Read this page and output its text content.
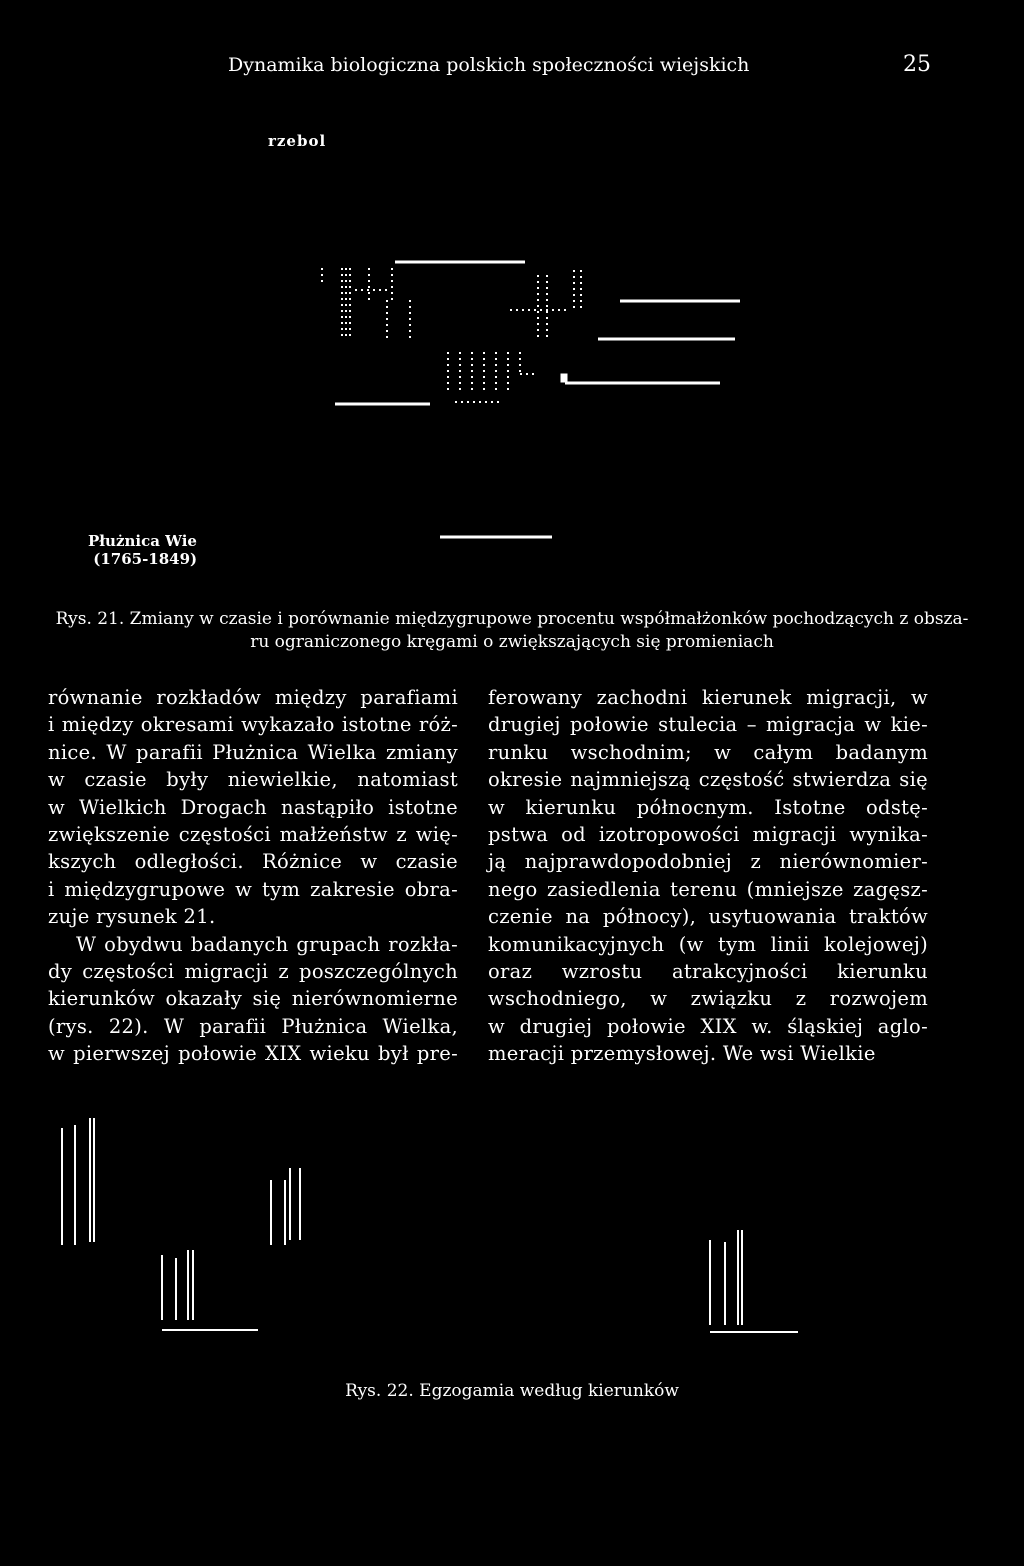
Dynamika biologiczna polskich społeczności wiejskich	25
rzebol
Płużnica Wie
(1765-1849)
Rys. 21. Zmiany w czasie i porównanie międzygrupowe procentu współmałżonków pochodzących z obsza-
ru ograniczonego kręgami o zwiększających się promieniach
równanie rozkładów między parafiami
i między okresami wykazało istotne róż-
nice. W parafii Płużnica Wielka zmiany
w czasie były niewielkie, natomiast
w Wielkich Drogach nastąpiło istotne
zwiększenie częstości małżeństw z wię-
kszych odległości. Różnice w czasie
i międzygrupowe w tym zakresie obra-
zuje rysunek 21.
W obydwu badanych grupach rozkła-
dy częstości migracji z poszczególnych
kierunków okazały się nierównomierne
(rys. 22). W parafii Płużnica Wielka,
w pierwszej połowie XIX wieku był pre-
ferowany zachodni kierunek migracji, w
drugiej połowie stulecia – migracja w kie-
runku wschodnim; w całym badanym
okresie najmniejszą częstość stwierdza się
w kierunku północnym. Istotne odstę-
pstwa od izotropowości migracji wynika-
ją najprawdopodobniej z nierównomier-
nego zasiedlenia terenu (mniejsze zagęsz-
czenie na północy), usytuowania traktów
komunikacyjnych (w tym linii kolejowej)
oraz wzrostu atrakcyjności kierunku
wschodniego, w związku z rozwojem
w drugiej połowie XIX w. śląskiej aglo-
meracji przemysłowej. We wsi Wielkie
Rys. 22. Egzogamia według kierunków
